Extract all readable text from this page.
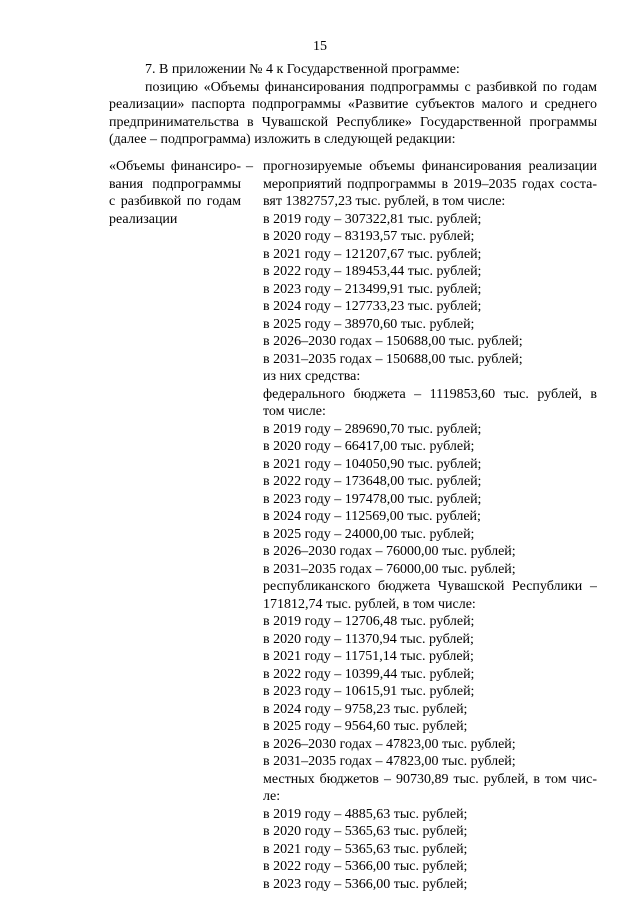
15
7. В приложении № 4 к Государственной программе:
позицию «Объемы финансирования подпрограммы с разбивкой по годам
реализации» паспорта подпрограммы «Развитие субъектов малого и среднего
предпринимательства в Чувашской Республике» Государственной программы
(далее – подпрограмма) изложить в следующей редакции:
«Объемы финансиро-
вания подпрограммы
с разбивкой по годам
реализации
– прогнозируемые объемы финансирования реализации
мероприятий подпрограммы в 2019–2035 годах соста-
вят 1382757,23 тыс. рублей, в том числе:
в 2019 году – 307322,81 тыс. рублей;
в 2020 году – 83193,57 тыс. рублей;
в 2021 году – 121207,67 тыс. рублей;
в 2022 году – 189453,44 тыс. рублей;
в 2023 году – 213499,91 тыс. рублей;
в 2024 году – 127733,23 тыс. рублей;
в 2025 году – 38970,60 тыс. рублей;
в 2026–2030 годах – 150688,00 тыс. рублей;
в 2031–2035 годах – 150688,00 тыс. рублей;
из них средства:
федерального бюджета – 1119853,60 тыс. рублей, в
том числе:
в 2019 году – 289690,70 тыс. рублей;
в 2020 году – 66417,00 тыс. рублей;
в 2021 году – 104050,90 тыс. рублей;
в 2022 году – 173648,00 тыс. рублей;
в 2023 году – 197478,00 тыс. рублей;
в 2024 году – 112569,00 тыс. рублей;
в 2025 году – 24000,00 тыс. рублей;
в 2026–2030 годах – 76000,00 тыс. рублей;
в 2031–2035 годах – 76000,00 тыс. рублей;
республиканского бюджета Чувашской Республики –
171812,74 тыс. рублей, в том числе:
в 2019 году – 12706,48 тыс. рублей;
в 2020 году – 11370,94 тыс. рублей;
в 2021 году – 11751,14 тыс. рублей;
в 2022 году – 10399,44 тыс. рублей;
в 2023 году – 10615,91 тыс. рублей;
в 2024 году – 9758,23 тыс. рублей;
в 2025 году – 9564,60 тыс. рублей;
в 2026–2030 годах – 47823,00 тыс. рублей;
в 2031–2035 годах – 47823,00 тыс. рублей;
местных бюджетов – 90730,89 тыс. рублей, в том чис-
ле:
в 2019 году – 4885,63 тыс. рублей;
в 2020 году – 5365,63 тыс. рублей;
в 2021 году – 5365,63 тыс. рублей;
в 2022 году – 5366,00 тыс. рублей;
в 2023 году – 5366,00 тыс. рублей;
